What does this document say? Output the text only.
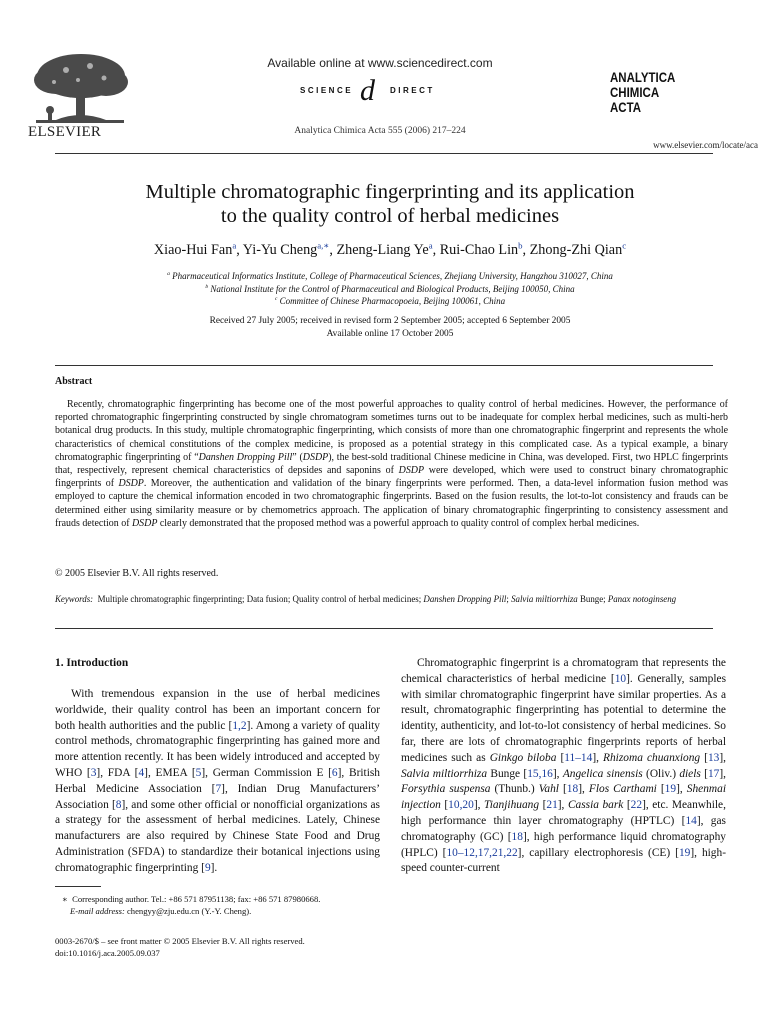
ELSEVIER
Available online at www.sciencedirect.com
SCIENCE d DIRECT
Analytica Chimica Acta 555 (2006) 217–224
ANALYTICA
CHIMICA
ACTA
www.elsevier.com/locate/aca
Multiple chromatographic fingerprinting and its application
to the quality control of herbal medicines
Xiao-Hui Fan$^a$, Yi-Yu Cheng$^{a,∗}$, Zheng-Liang Ye$^a$, Rui-Chao Lin$^b$, Zhong-Zhi Qian$^c$
$^a$ Pharmaceutical Informatics Institute, College of Pharmaceutical Sciences, Zhejiang University, Hangzhou 310027, China
$^b$ National Institute for the Control of Pharmaceutical and Biological Products, Beijing 100050, China
$^c$ Committee of Chinese Pharmacopoeia, Beijing 100061, China
Received 27 July 2005; received in revised form 2 September 2005; accepted 6 September 2005
Available online 17 October 2005
Abstract
Recently, chromatographic fingerprinting has become one of the most powerful approaches to quality control of herbal medicines. However, the performance of reported chromatographic fingerprinting constructed by single chromatogram sometimes turns out to be inadequate for complex herbal medicines, such as multi-herb botanical drug products. In this study, multiple chromatographic fingerprinting, which consists of more than one chromatographic fingerprint and represents the whole characteristics of chemical constitutions of the complex medicine, is proposed as a potential strategy in this complicated case. As a typical example, a binary chromatographic fingerprinting of “Danshen Dropping Pill” (DSDP), the best-sold traditional Chinese medicine in China, was developed. First, two HPLC fingerprints that, respectively, represent chemical characteristics of depsides and saponins of DSDP were developed, which were used to construct binary chromatographic fingerprints of DSDP. Moreover, the authentication and validation of the binary fingerprints were performed. Then, a data-level information fusion method was employed to capture the chemical information encoded in two chromatographic fingerprints. Based on the fusion results, the lot-to-lot consistency and frauds can be determined either using similarity measure or by chemometrics approach. The application of binary chromatographic fingerprinting to consistency assessment and frauds detection of DSDP clearly demonstrated that the proposed method was a powerful approach to quality control of complex herbal medicines.
© 2005 Elsevier B.V. All rights reserved.
Keywords: Multiple chromatographic fingerprinting; Data fusion; Quality control of herbal medicines; Danshen Dropping Pill; Salvia miltiorrhiza Bunge; Panax notoginseng
1. Introduction

With tremendous expansion in the use of herbal medicines worldwide, their quality control has been an important concern for both health authorities and the public [1,2]. Among a variety of quality control methods, chromatographic fingerprinting has gained more and more attention recently. It has been widely introduced and accepted by WHO [3], FDA [4], EMEA [5], German Commission E [6], British Herbal Medicine Association [7], Indian Drug Manufacturers’ Association [8], and some other official or nonofficial organizations as a strategy for the assessment of herbal medicines. Lately, Chinese manufacturers are also required by Chinese State Food and Drug Administration (SFDA) to standardize their botanical injections using chromatographic fingerprinting [9].

Chromatographic fingerprint is a chromatogram that represents the chemical characteristics of herbal medicine [10]. Generally, samples with similar chromatographic fingerprint have similar properties. As a result, chromatographic fingerprinting has potential to determine the identity, authenticity, and lot-to-lot consistency of herbal medicines. So far, there are lots of chromatographic fingerprints reports of herbal medicines such as Ginkgo biloba [11–14], Rhizoma chuanxiong [13], Salvia miltiorrhiza Bunge [15,16], Angelica sinensis (Oliv.) diels [17], Forsythia suspensa (Thunb.) Vahl [18], Flos Carthami [19], Shenmai injection [10,20], Tianjihuang [21], Cassia bark [22], etc. Meanwhile, high performance thin layer chromatography (HPTLC) [14], gas chromatography (GC) [18], high performance liquid chromatography (HPLC) [10–12,17,21,22], capillary electrophoresis (CE) [19], high-speed counter-current

∗ Corresponding author. Tel.: +86 571 87951138; fax: +86 571 87980668.
E-mail address: chengyy@zju.edu.cn (Y.-Y. Cheng).
0003-2670/$ – see front matter © 2005 Elsevier B.V. All rights reserved.
doi:10.1016/j.aca.2005.09.037
